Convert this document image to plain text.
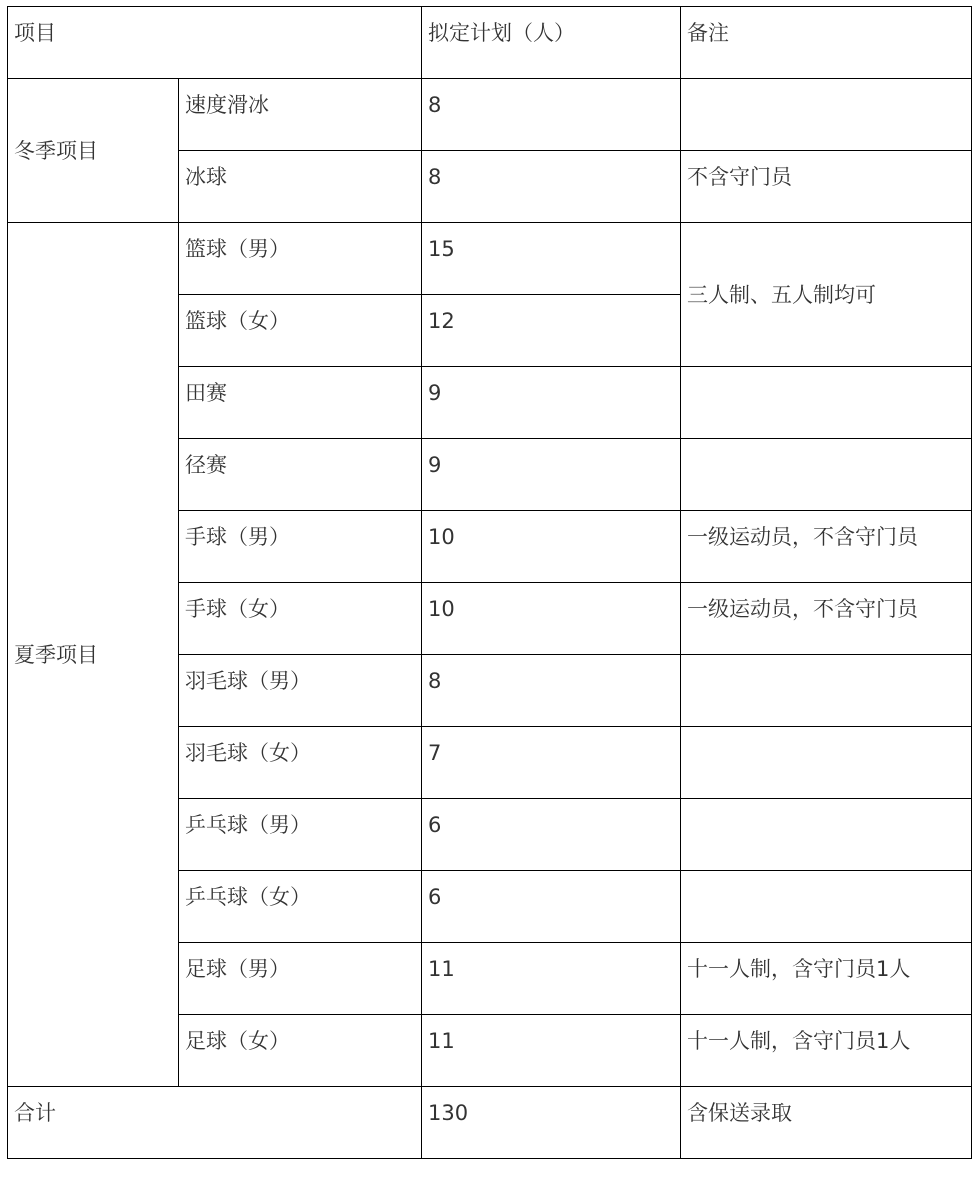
项目		拟定计划（人）	备注

冬季项目	速度滑冰	8	

	冰球	8	不含守门员

夏季项目	篮球（男）	15	三人制、五人制均可

	篮球（女）	12	

	田赛	9	

	径赛	9	

	手球（男）	10	一级运动员，不含守门员

	手球（女）	10	一级运动员，不含守门员

	羽毛球（男）	8	

	羽毛球（女）	7	

	乒乓球（男）	6	

	乒乓球（女）	6	

	足球（男）	11	十一人制，含守门员1人

	足球（女）	11	十一人制，含守门员1人

合计		130	含保送录取
